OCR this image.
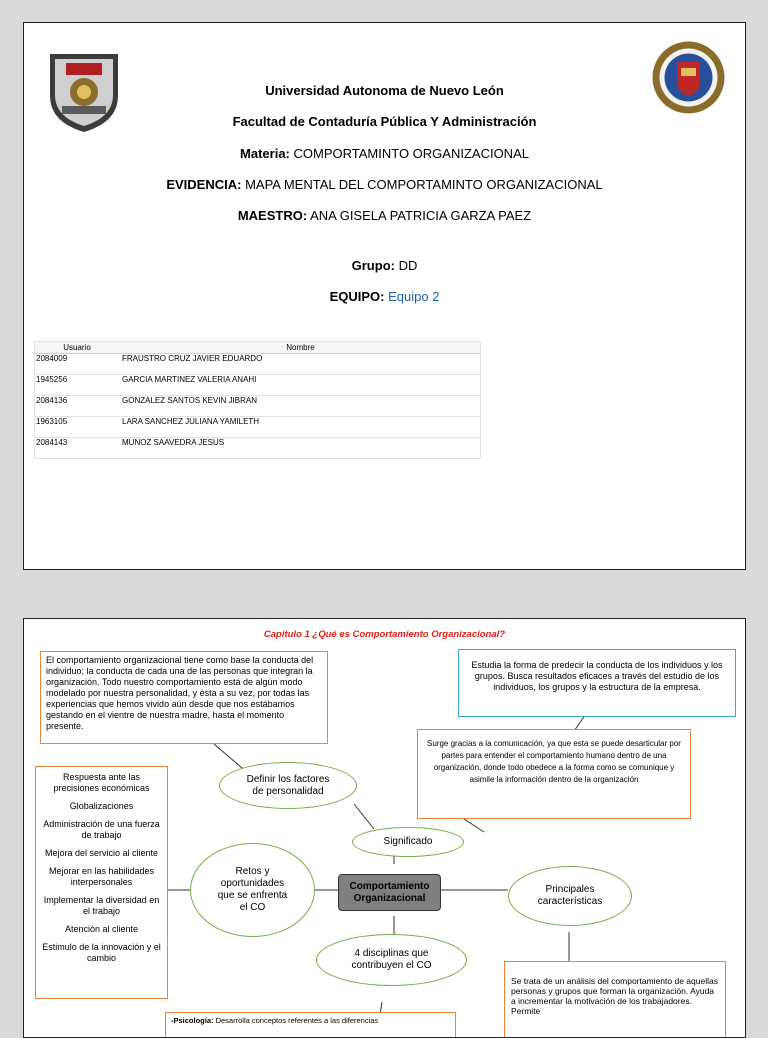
Universidad Autonoma de Nuevo León
Facultad de Contaduría Pública Y Administración
Materia: COMPORTAMINTO ORGANIZACIONAL
EVIDENCIA: MAPA MENTAL DEL COMPORTAMINTO ORGANIZACIONAL
MAESTRO: ANA GISELA PATRICIA GARZA PAEZ
Grupo: DD
EQUIPO: Equipo 2
Usuario	Nombre
2084009	FRAUSTRO CRUZ JAVIER EDUARDO
1945256	GARCIA MARTINEZ VALERIA ANAHI
2084136	GONZALEZ SANTOS KEVIN JIBRAN
1963105	LARA SANCHEZ JULIANA YAMILETH
2084143	MUNOZ SAAVEDRA JESUS
Capitulo 1 ¿Qué es Comportamiento Organizacional?
El comportamiento organizacional tiene como base la conducta del individuo; la conducta de cada una de las personas que integran la organización. Todo nuestro comportamiento está de algún modo modelado por nuestra personalidad, y ésta a su vez, por todas las experiencias que hemos vivido aún desde que nos estábamos gestando en el vientre de nuestra madre, hasta el momento presente.
Estudia la forma de predecir la conducta de los individuos y los grupos. Busca resultados eficaces a través del estudio de los individuos, los grupos y la estructura de la empresa.
Surge gracias a la comunicación, ya que esta se puede desarticular por partes para entender el comportamiento humano dentro de una organización, donde todo obedece a la forma como se comunique y asimile la información dentro de la organización
Respuesta ante las precisiones económicas
Globalizaciones
Administración de una fuerza de trabajo
Mejora del servicio al cliente
Mejorar en las habilidades interpersonales
Implementar la diversidad en el trabajo
Atención al cliente
Estimulo de la innovación y el cambio
Definir los factores de personalidad
Significado
Retos y oportunidades que se enfrenta el CO
Comportamiento Organizacional
Principales características
4 disciplinas que contribuyen el CO
-Psicología: Desarrolla conceptos referentes a las diferencias
Se trata de un análisis del comportamiento de aquellas personas y grupos que forman la organización. Ayuda a incrementar la motivación de los trabajadores. Permite
